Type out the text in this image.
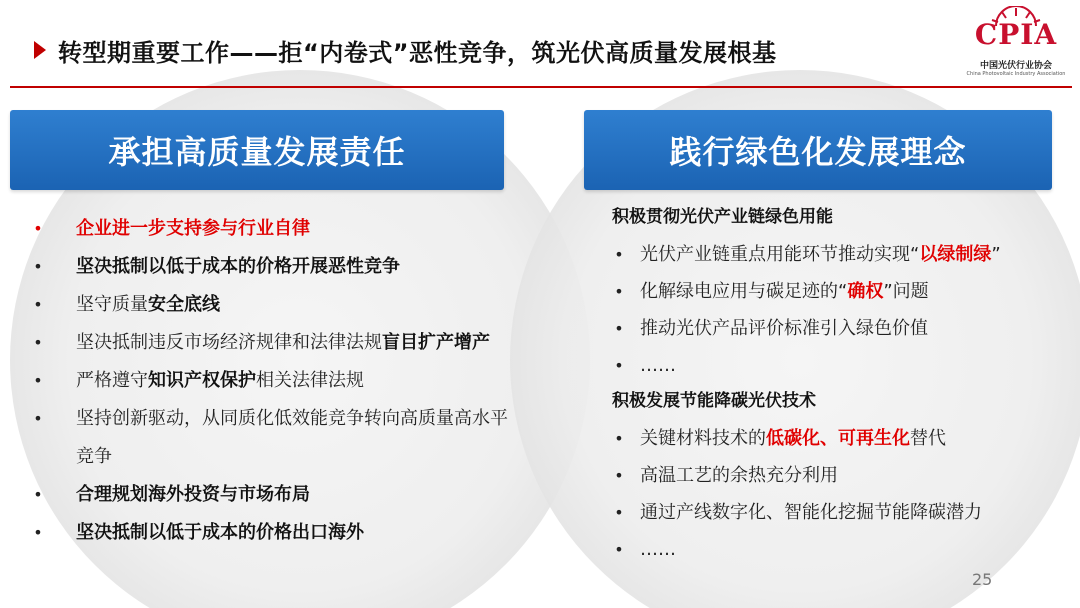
转型期重要工作——拒“内卷式”恶性竞争，筑光伏高质量发展根基
CPIA
中国光伏行业协会
China Photovoltaic Industry Association
承担高质量发展责任	践行绿色化发展理念
• 企业进一步支持参与行业自律
• 坚决抵制以低于成本的价格开展恶性竞争
• 坚守质量安全底线
• 坚决抵制违反市场经济规律和法律法规盲目扩产增产
• 严格遵守知识产权保护相关法律法规
• 坚持创新驱动，从同质化低效能竞争转向高质量高水平竞争
• 合理规划海外投资与市场布局
• 坚决抵制以低于成本的价格出口海外
积极贯彻光伏产业链绿色用能
• 光伏产业链重点用能环节推动实现“以绿制绿”
• 化解绿电应用与碳足迹的“确权”问题
• 推动光伏产品评价标准引入绿色价值
• ……
积极发展节能降碳光伏技术
• 关键材料技术的低碳化、可再生化替代
• 高温工艺的余热充分利用
• 通过产线数字化、智能化挖掘节能降碳潜力
• ……
25
